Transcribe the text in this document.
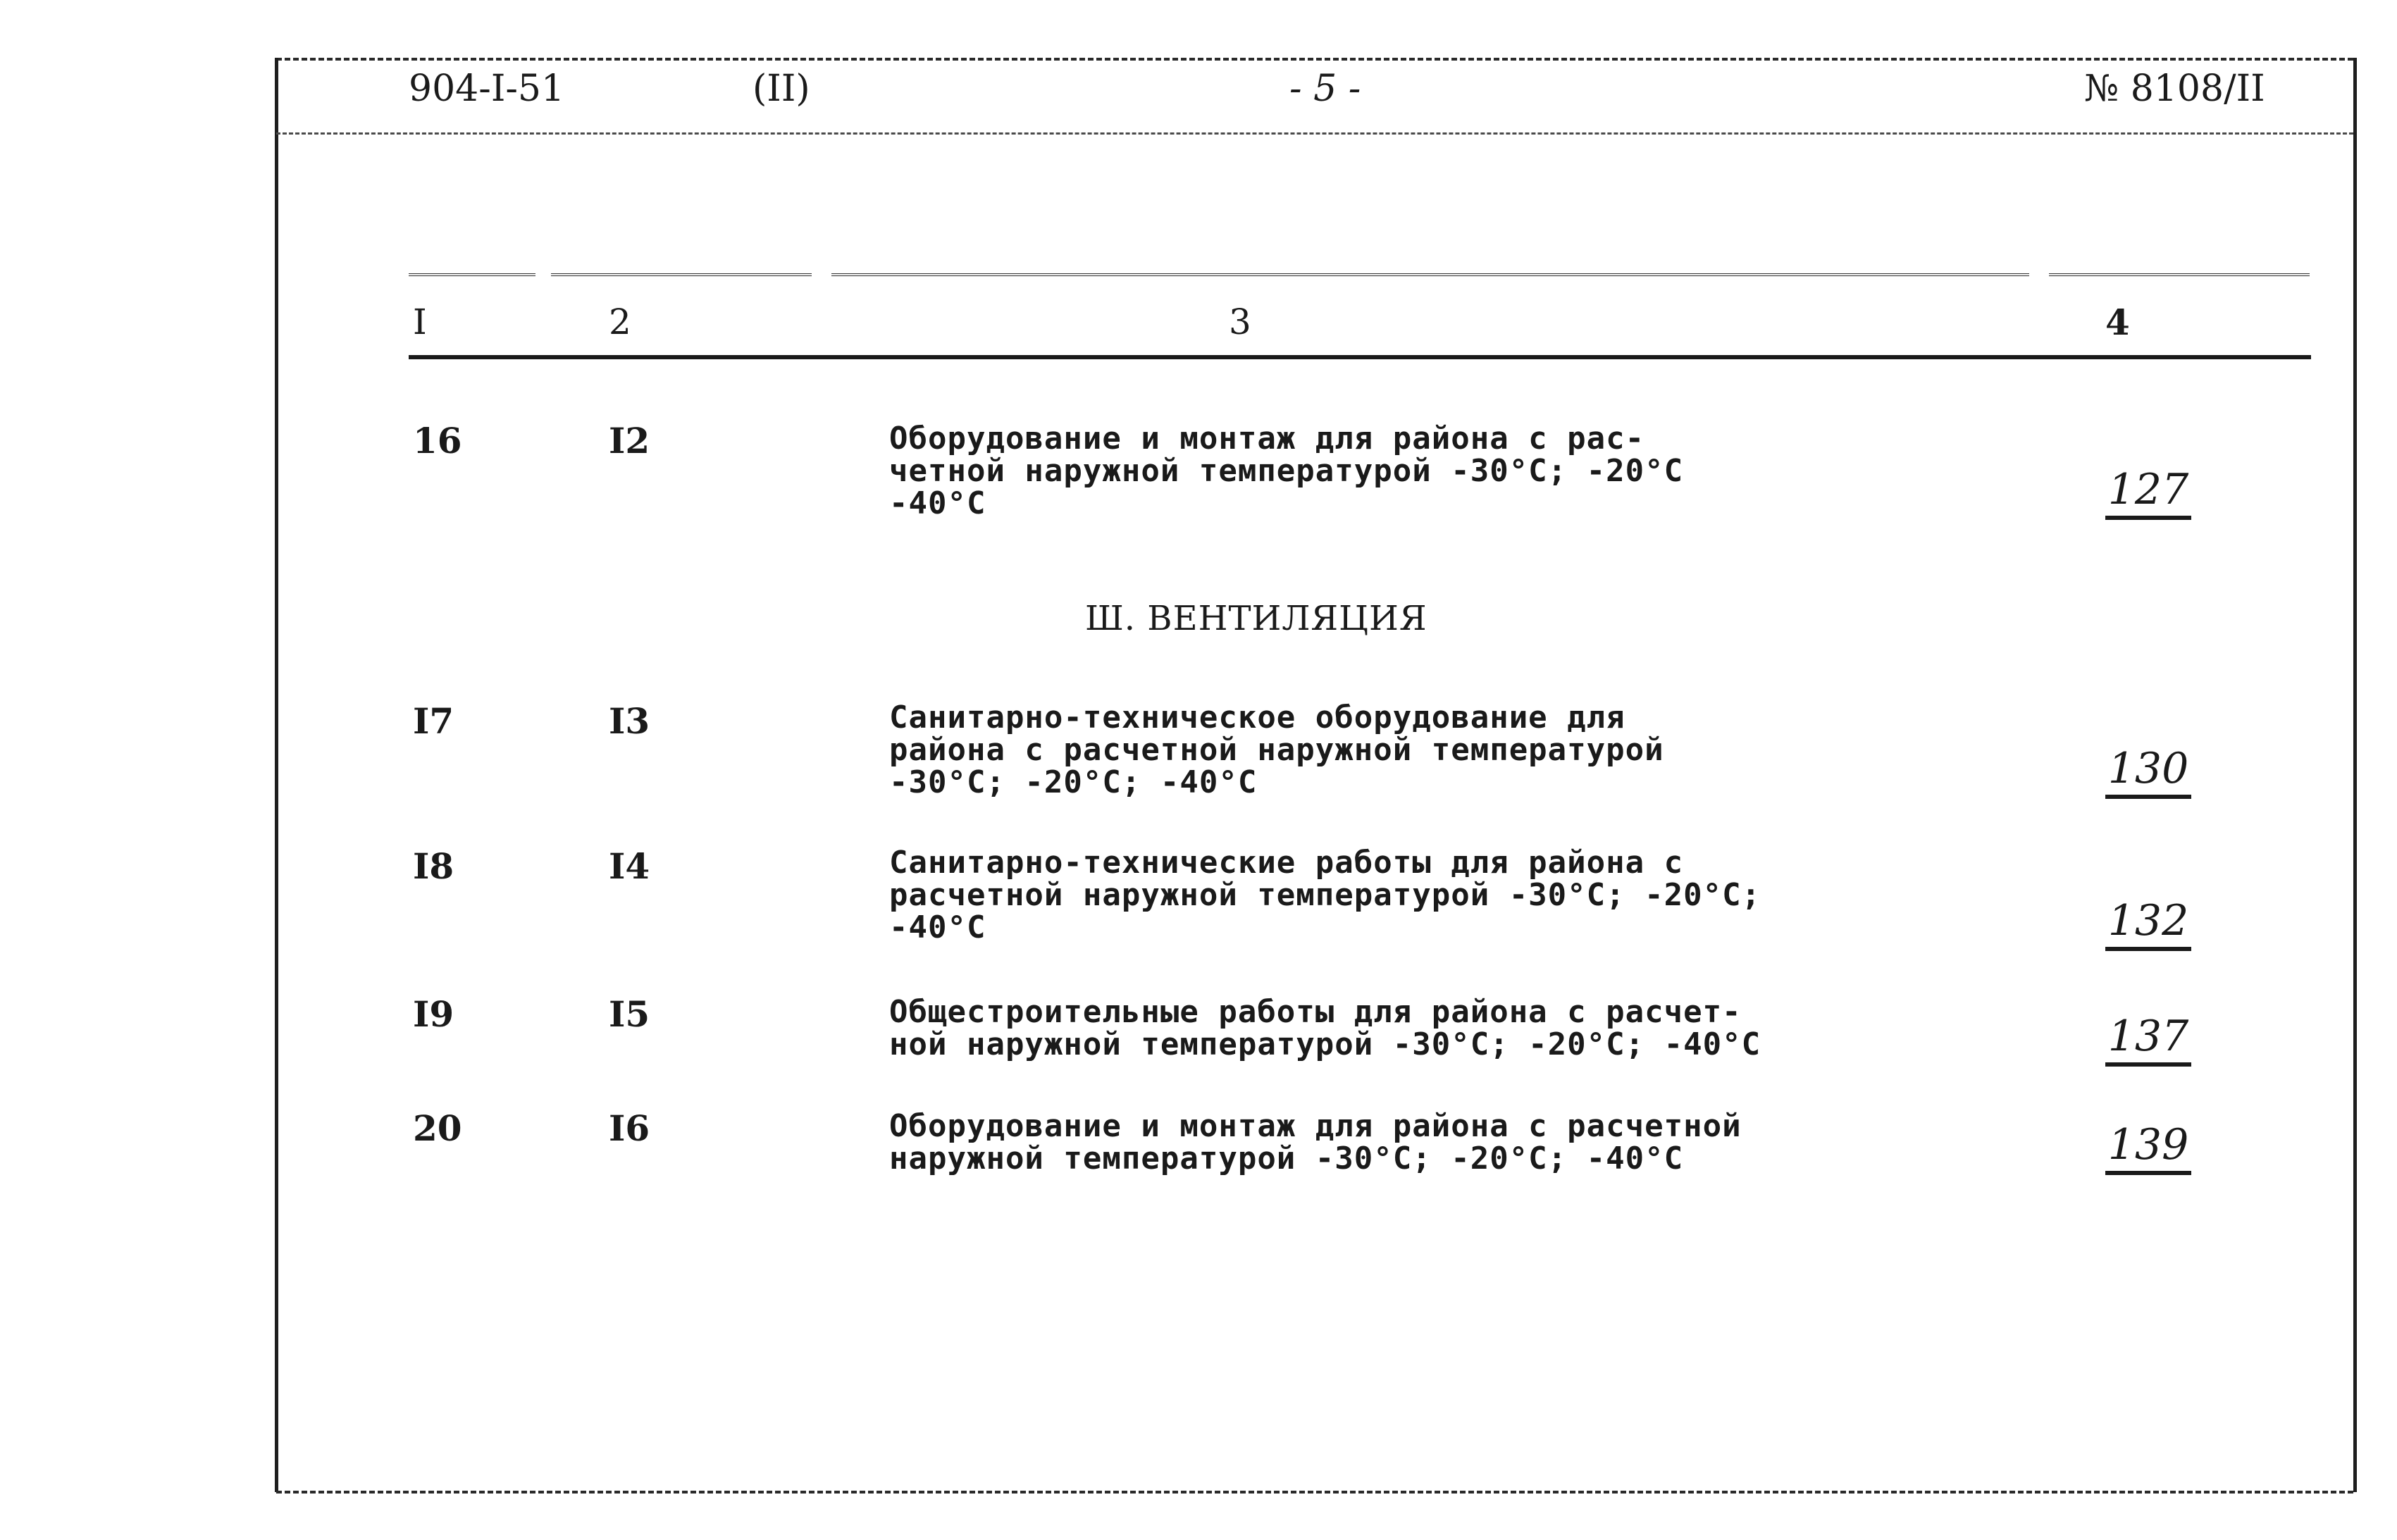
904-I-51	(II)	- 5 -	№ 8108/II
I	2	3	4
16	I2	Оборудование и монтаж для района с рас-
четной наружной температурой -30°C; -20°C
-40°C	127
Ш. ВЕНТИЛЯЦИЯ
I7	I3	Санитарно-техническое оборудование для
района с расчетной наружной температурой
-30°C; -20°C; -40°C	130
I8	I4	Санитарно-технические работы для района с
расчетной наружной температурой -30°C; -20°C;
-40°C	132
I9	I5	Общестроительные работы для района с расчет-
ной наружной температурой -30°C; -20°C; -40°C	137
20	I6	Оборудование и монтаж для района с расчетной
наружной температурой -30°C; -20°C; -40°C	139
